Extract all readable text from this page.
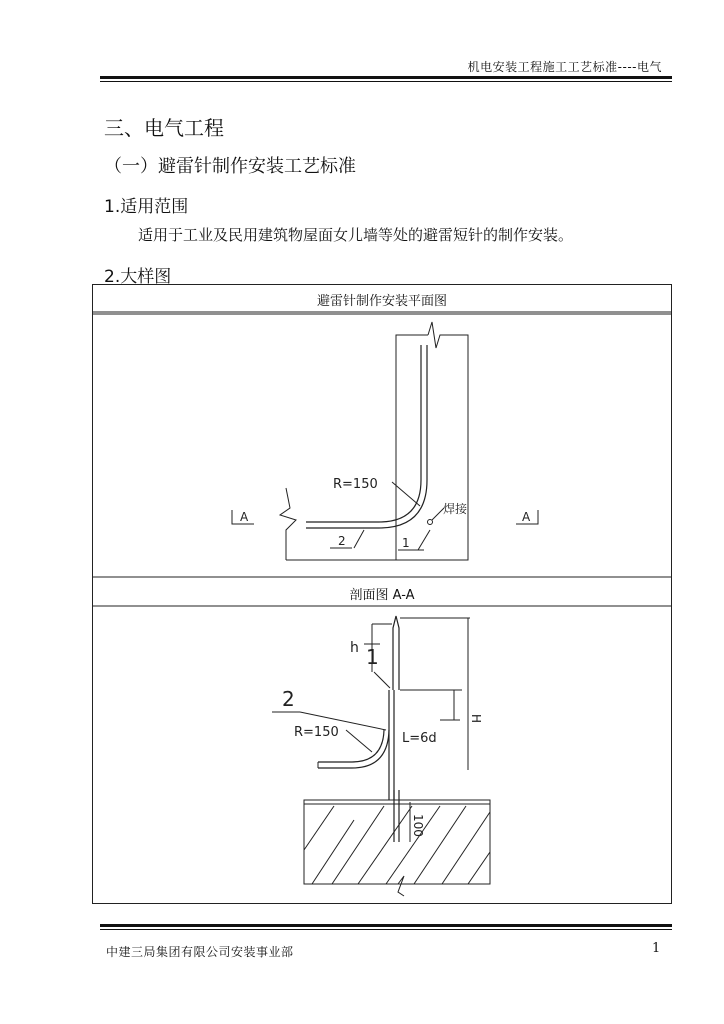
机电安装工程施工工艺标准----电气
三、电气工程
（一）避雷针制作安装工艺标准
1.适用范围
适用于工业及民用建筑物屋面女儿墙等处的避雷短针的制作安装。
2.大样图
避雷针制作安装平面图
剖面图 A-A
R=150
焊接
A	A
2	1
h 1
2
R=150	L=6d
H
100
中建三局集团有限公司安装事业部	1
